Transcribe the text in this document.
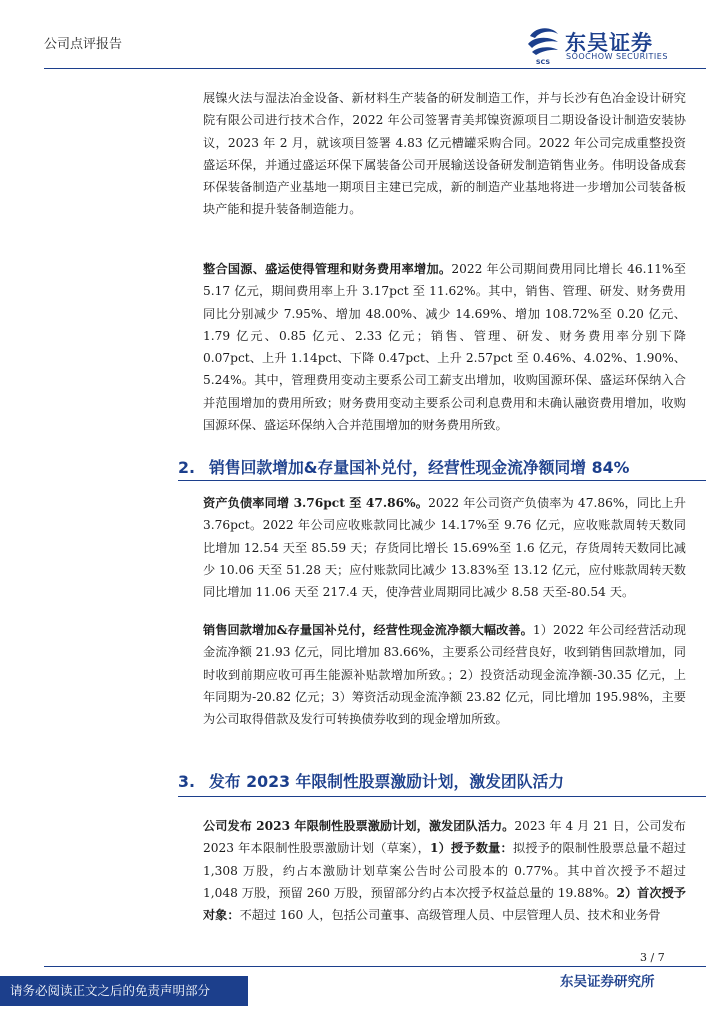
公司点评报告
SCS
东吴证券
SOOCHOW SECURITIES
展镍火法与湿法冶金设备、新材料生产装备的研发制造工作，并与长沙有色冶金设计研究院有限公司进行技术合作，2022 年公司签署青美邦镍资源项目二期设备设计制造安装协议，2023 年 2 月，就该项目签署 4.83 亿元槽罐采购合同。2022 年公司完成重整投资盛运环保，并通过盛运环保下属装备公司开展输送设备研发制造销售业务。伟明设备成套环保装备制造产业基地一期项目主建已完成，新的制造产业基地将进一步增加公司装备板块产能和提升装备制造能力。
整合国源、盛运使得管理和财务费用率增加。2022 年公司期间费用同比增长 46.11%至 5.17 亿元，期间费用率上升 3.17pct 至 11.62%。其中，销售、管理、研发、财务费用同比分别减少 7.95%、增加 48.00%、减少 14.69%、增加 108.72%至 0.20 亿元、1.79 亿元、0.85 亿元、2.33 亿元；销售、管理、研发、财务费用率分别下降 0.07pct、上升 1.14pct、下降 0.47pct、上升 2.57pct 至 0.46%、4.02%、1.90%、5.24%。其中，管理费用变动主要系公司工薪支出增加，收购国源环保、盛运环保纳入合并范围增加的费用所致；财务费用变动主要系公司利息费用和未确认融资费用增加，收购国源环保、盛运环保纳入合并范围增加的财务费用所致。
2. 销售回款增加&存量国补兑付，经营性现金流净额同增 84%
资产负债率同增 3.76pct 至 47.86%。2022 年公司资产负债率为 47.86%，同比上升 3.76pct。2022 年公司应收账款同比减少 14.17%至 9.76 亿元，应收账款周转天数同比增加 12.54 天至 85.59 天；存货同比增长 15.69%至 1.6 亿元，存货周转天数同比减少 10.06 天至 51.28 天；应付账款同比减少 13.83%至 13.12 亿元，应付账款周转天数同比增加 11.06 天至 217.4 天，使净营业周期同比减少 8.58 天至-80.54 天。
销售回款增加&存量国补兑付，经营性现金流净额大幅改善。1）2022 年公司经营活动现金流净额 21.93 亿元，同比增加 83.66%，主要系公司经营良好，收到销售回款增加，同时收到前期应收可再生能源补贴款增加所致。；2）投资活动现金流净额-30.35 亿元，上年同期为-20.82 亿元；3）筹资活动现金流净额 23.82 亿元，同比增加 195.98%，主要为公司取得借款及发行可转换债券收到的现金增加所致。
3. 发布 2023 年限制性股票激励计划，激发团队活力
公司发布 2023 年限制性股票激励计划，激发团队活力。2023 年 4 月 21 日，公司发布 2023 年本限制性股票激励计划（草案），1）授予数量：拟授予的限制性股票总量不超过 1,308 万股，约占本激励计划草案公告时公司股本的 0.77%。其中首次授予不超过 1,048 万股，预留 260 万股，预留部分约占本次授予权益总量的 19.88%。2）首次授予对象：不超过 160 人，包括公司董事、高级管理人员、中层管理人员、技术和业务骨
3 / 7
请务必阅读正文之后的免责声明部分
东吴证券研究所
